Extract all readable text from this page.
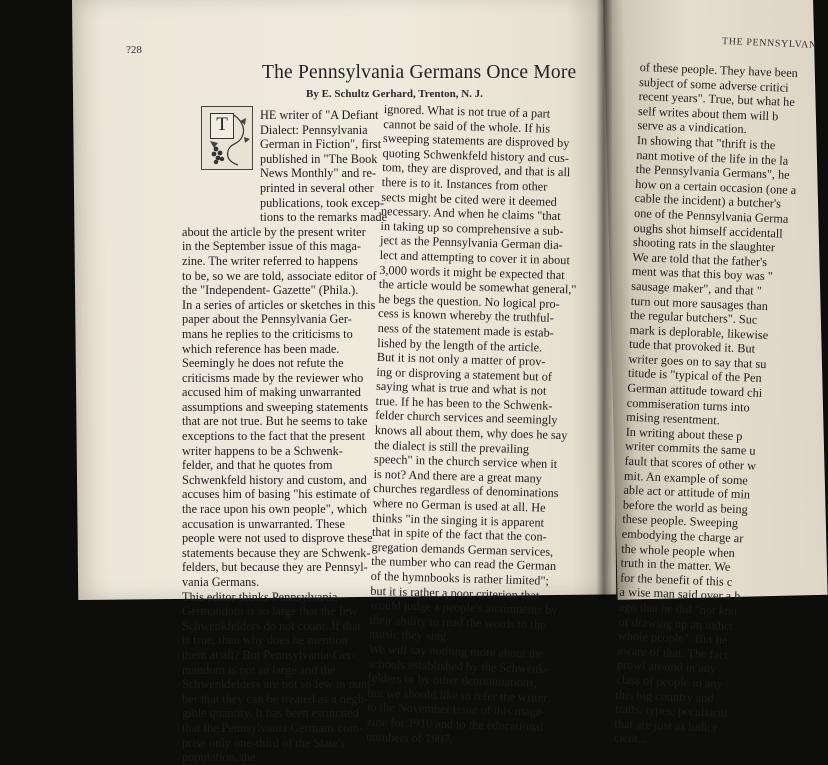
?28	THE PENNSYLVAN
The Pennsylvania Germans Once More
By E. Schultz Gerhard, Trenton, N. J.
T	HE writer of "A Defiant
Dialect: Pennsylvania
German in Fiction", first
published in "The Book
News Monthly" and re-
printed in several other
publications, took excep-
tions to the remarks made
about the article by the present writer
in the September issue of this maga-
zine. The writer referred to happens
to be, so we are told, associate editor of
the "Independent- Gazette" (Phila.).
In a series of articles or sketches in this
paper about the Pennsylvania Ger-
mans he replies to the criticisms to
which reference has been made.
Seemingly he does not refute the
criticisms made by the reviewer who
accused him of making unwarranted
assumptions and sweeping statements
that are not true. But he seems to take
exceptions to the fact that the present
writer happens to be a Schwenk-
felder, and that he quotes from
Schwenkfeld history and custom, and
accuses him of basing "his estimate of
the race upon his own people", which
accusation is unwarranted. These
people were not used to disprove these
statements because they are Schwenk-
felders, but because they are Pennsyl-
vania Germans.
This editor thinks Pennsylvania-
Germandom is so large that the few
Schwenkfelders do not count. If that
is true, then why does he mention
them at all? But Pennsylvania-Ger-
mandom is not so large and the
Schwenkfelders are not so few in num-
ber that they can be treated as a negli-
gible quantity. It has been estimated
that the Pennsylvania Germans com-
prise only one-third of the State's
population, the
ignored. What is not true of a part
cannot be said of the whole. If his
sweeping statements are disproved by
quoting Schwenkfeld history and cus-
tom, they are disproved, and that is all
there is to it. Instances from other
sects might be cited were it deemed
necessary. And when he claims "that
in taking up so comprehensive a sub-
ject as the Pennsylvania German dia-
lect and attempting to cover it in about
3,000 words it might be expected that
the article would be somewhat general,"
he begs the question. No logical pro-
cess is known whereby the truthful-
ness of the statement made is estab-
lished by the length of the article.
But it is not only a matter of prov-
ing or disproving a statement but of
saying what is true and what is not
true. If he has been to the Schwenk-
felder church services and seemingly
knows all about them, why does he say
the dialect is still the prevailing
speech" in the church service when it
is not? And there are a great many
churches regardless of denominations
where no German is used at all. He
thinks "in the singing it is apparent
that in spite of the fact that the con-
gregation demands German services,
the number who can read the German
of the hymnbooks is rather limited";
but it is rather a poor criterion that
would judge a people's attainments by
their ability to read the words to the
music they sing.
We will say nothing more about the
schools established by the Schwenk-
felders or by other denominations;
but we should like to refer the writer
to the November issue of this maga-
zine for 1910 and to the educational
numbers of 1907.
of these people. They have been
subject of some adverse critici
recent years". True, but what he
self writes about them will b
serve as a vindication.
In showing that "thrift is the
nant motive of the life in the la
the Pennsylvania Germans", he
how on a certain occasion (one a
cable the incident) a butcher's
one of the Pennsylvania Germa
oughs shot himself accidentall
shooting rats in the slaughter
We are told that the father's
ment was that this boy was "
sausage maker", and that "
turn out more sausages than
the regular butchers". Suc
mark is deplorable, likewise
tude that provoked it. But
writer goes on to say that su
titude is "typical of the Pen
German attitude toward chi
commiseration turns into
mising resentment.
In writing about these p
writer commits the same u
fault that scores of other w
mit. An example of some
able act or attitude of min
before the world as being
these people. Sweeping
embodying the charge ar
the whole people when
truth in the matter. We
for the benefit of this c
a wise man said over a h
ago that he did "not kno
of drawing up an indict
whole people". But he
aware of that. The fact
prowl around in any
class of people in any
this big country and
traits, types, peculiariti
that are just as ludicr
cient...
